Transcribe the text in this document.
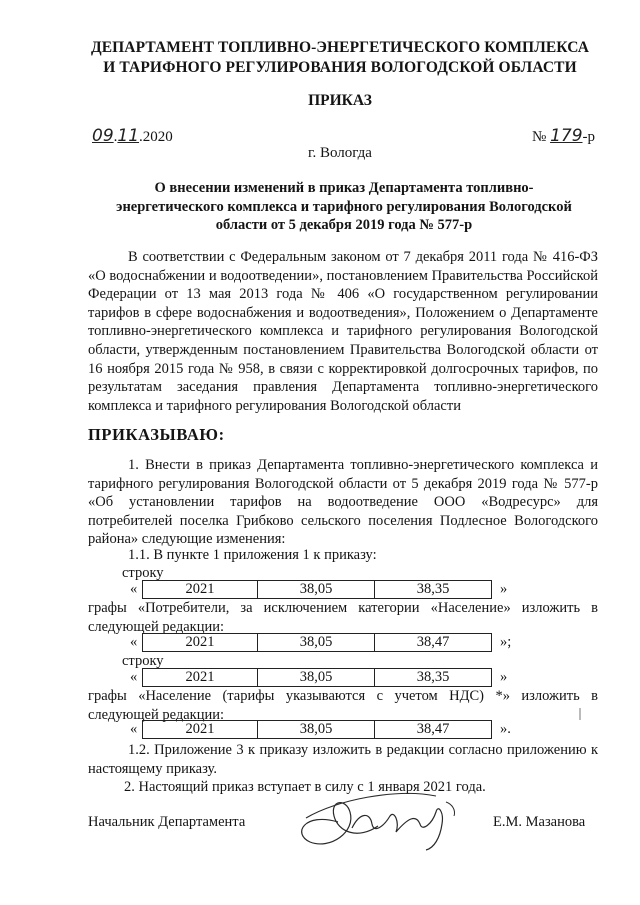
ДЕПАРТАМЕНТ ТОПЛИВНО-ЭНЕРГЕТИЧЕСКОГО КОМПЛЕКСА
И ТАРИФНОГО РЕГУЛИРОВАНИЯ ВОЛОГОДСКОЙ ОБЛАСТИ
ПРИКАЗ
09.11.2020	№ 179-р
г. Вологда
О внесении изменений в приказ Департамента топливно-
энергетического комплекса и тарифного регулирования Вологодской
области от 5 декабря 2019 года № 577-р

В соответствии с Федеральным законом от 7 декабря 2011 года № 416-ФЗ «О водоснабжении и водоотведении», постановлением Правительства Российской Федерации от 13 мая 2013 года № 406 «О государственном регулировании тарифов в сфере водоснабжения и водоотведения», Положением о Департаменте топливно-энергетического комплекса и тарифного регулирования Вологодской области, утвержденным постановлением Правительства Вологодской области от 16 ноября 2015 года № 958, в связи с корректировкой долгосрочных тарифов, по результатам заседания правления Департамента топливно-энергетического комплекса и тарифного регулирования Вологодской области

ПРИКАЗЫВАЮ:

1. Внести в приказ Департамента топливно-энергетического комплекса и тарифного регулирования Вологодской области от 5 декабря 2019 года № 577-р «Об установлении тарифов на водоотведение ООО «Водресурс» для потребителей поселка Грибково сельского поселения Подлесное Вологодского района» следующие изменения:

1.1. В пункте 1 приложения 1 к приказу:
строку
«	2021	38,05	38,35	»

графы «Потребители, за исключением категории «Население» изложить в следующей редакции:

«	2021	38,05	38,47	»;
строку
«	2021	38,05	38,35	»

графы «Население (тарифы указываются с учетом НДС) *» изложить в следующей редакции:

«	2021	38,05	38,47	».

1.2. Приложение 3 к приказу изложить в редакции согласно приложению к настоящему приказу.

2. Настоящий приказ вступает в силу с 1 января 2021 года.
Начальник Департамента	Е.М. Мазанова
